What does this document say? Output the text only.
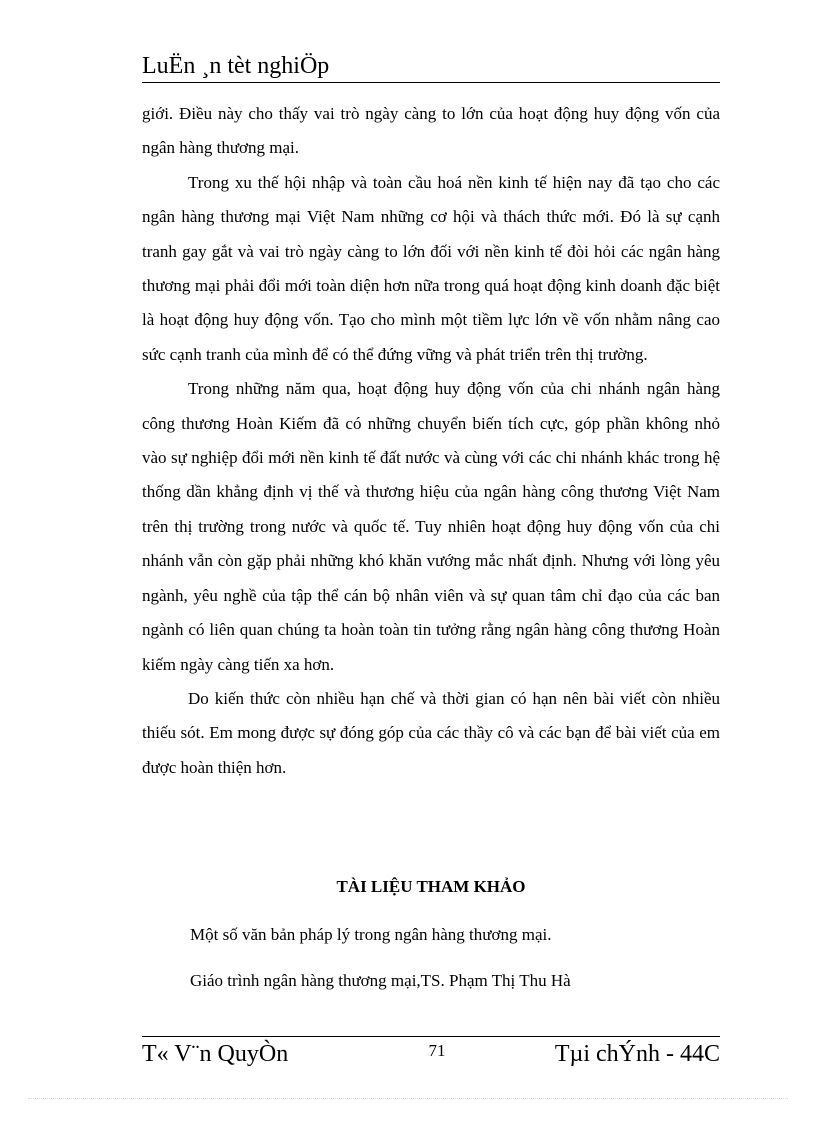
LuËn ¸n tèt nghiÖp

giới. Điều này cho thấy vai trò ngày càng to lớn của hoạt động huy động vốn của ngân hàng thương mại.

Trong xu thế hội nhập và toàn cầu hoá nền kinh tế hiện nay đã tạo cho các ngân hàng thương mại Việt Nam những cơ hội và thách thức mới. Đó là sự cạnh tranh gay gắt và vai trò ngày càng to lớn đối với nền kinh tế đòi hỏi các ngân hàng thương mại phải đổi mới toàn diện hơn nữa trong quá hoạt động kinh doanh đặc biệt là hoạt động huy động vốn. Tạo cho mình một tiềm lực lớn về vốn nhằm nâng cao sức cạnh tranh của mình để có thể đứng vững và phát triển trên thị trường.

Trong những năm qua, hoạt động huy động vốn của chi nhánh ngân hàng công thương Hoàn Kiếm đã có những chuyển biến tích cực, góp phần không nhỏ vào sự nghiệp đổi mới nền kinh tế đất nước và cùng với các chi nhánh khác trong hệ thống dần khẳng định vị thế và thương hiệu của ngân hàng công thương Việt Nam trên thị trường trong nước và quốc tế. Tuy nhiên hoạt động huy động vốn của chi nhánh vẫn còn gặp phải những khó khăn vướng mắc nhất định. Nhưng với lòng yêu ngành, yêu nghề của tập thể cán bộ nhân viên và sự quan tâm chỉ đạo của các ban ngành có liên quan chúng ta hoàn toàn tin tưởng rằng ngân hàng công thương Hoàn kiếm ngày càng tiến xa hơn.

Do kiến thức còn nhiều hạn chế và thời gian có hạn nên bài viết còn nhiều thiếu sót. Em mong được sự đóng góp của các thầy cô và các bạn để bài viết của em được hoàn thiện hơn.

TÀI LIỆU THAM KHẢO
Một số văn bản pháp lý trong ngân hàng thương mại.
Giáo trình ngân hàng thương mại,TS. Phạm Thị Thu Hà
T« V¨n QuyÒn	71	Tµi chÝnh - 44C
